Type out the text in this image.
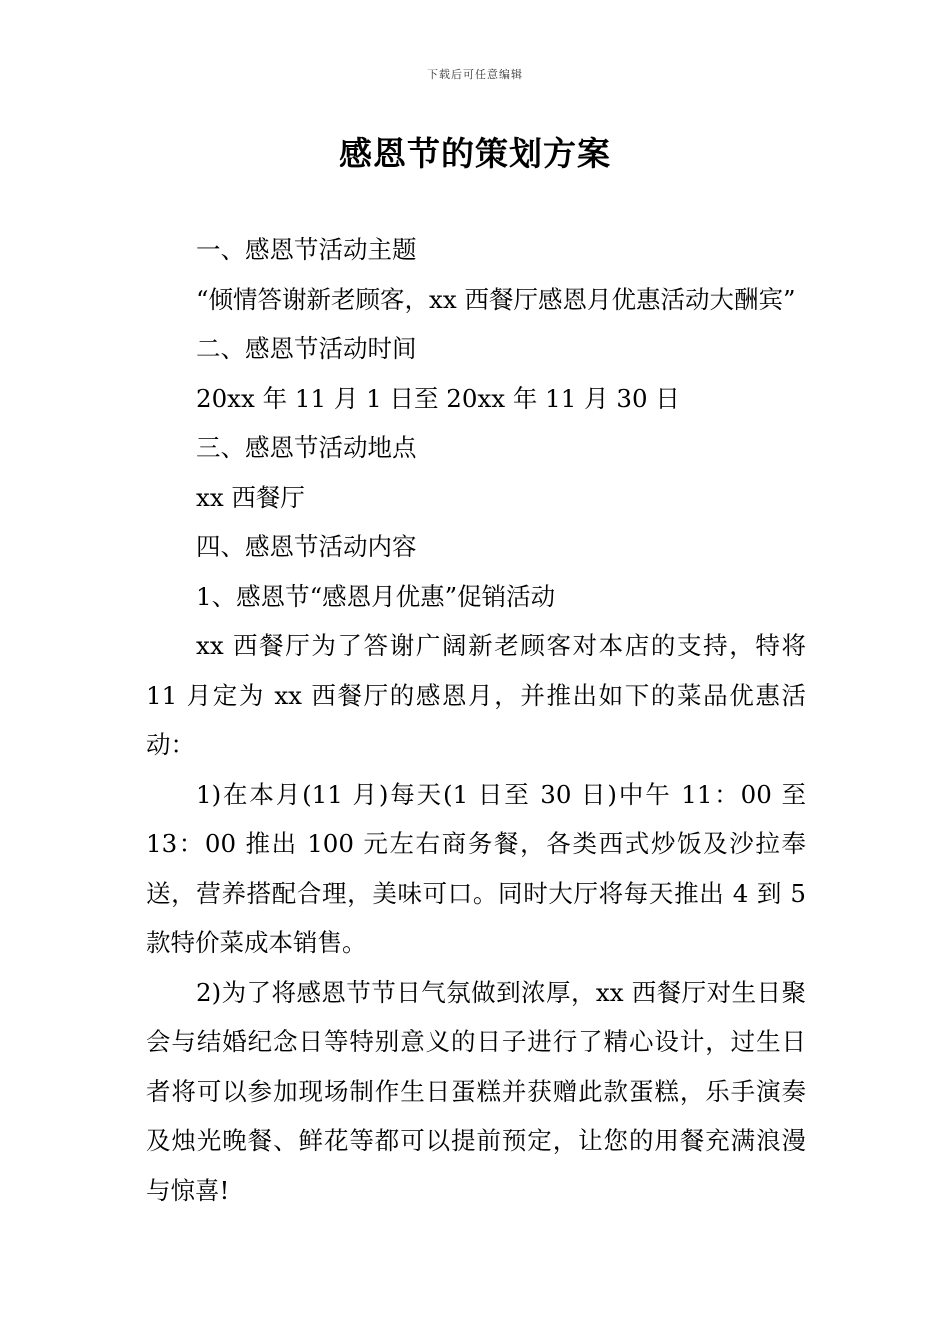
下载后可任意编辑
感恩节的策划方案

一、感恩节活动主题

“倾情答谢新老顾客，xx 西餐厅感恩月优惠活动大酬宾”

二、感恩节活动时间

20xx 年 11 月 1 日至 20xx 年 11 月 30 日

三、感恩节活动地点

xx 西餐厅

四、感恩节活动内容

1、感恩节“感恩月优惠”促销活动

xx 西餐厅为了答谢广阔新老顾客对本店的支持，特将 11 月定为 xx 西餐厅的感恩月，并推出如下的菜品优惠活动：

1)在本月(11 月)每天(1 日至 30 日)中午 11：00 至 13：00 推出 100 元左右商务餐，各类西式炒饭及沙拉奉送，营养搭配合理，美味可口。同时大厅将每天推出 4 到 5 款特价菜成本销售。

2)为了将感恩节节日气氛做到浓厚，xx 西餐厅对生日聚会与结婚纪念日等特别意义的日子进行了精心设计，过生日者将可以参加现场制作生日蛋糕并获赠此款蛋糕，乐手演奏及烛光晚餐、鲜花等都可以提前预定，让您的用餐充满浪漫与惊喜!
